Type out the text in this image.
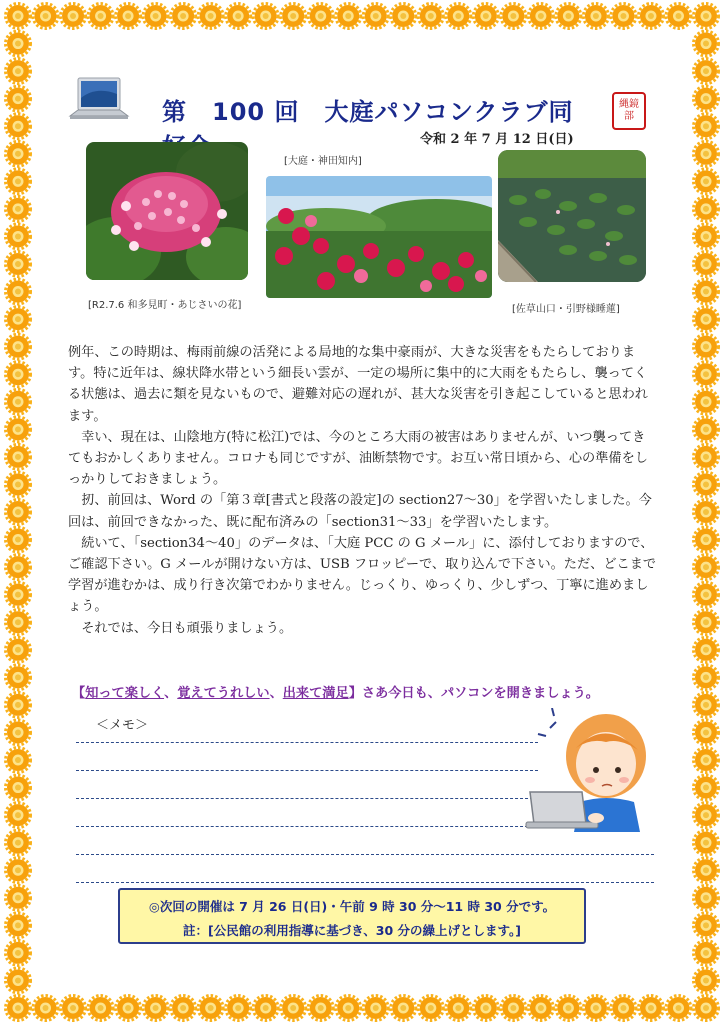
第　100 回　大庭パソコンクラブ同	縄鏡　部
令和 2 年 7 月 12 日(日)
[R2.7.6 和多見町・あじさいの花]
[大庭・神田知内]
[佐草山口・引野様睡蓮]

例年、この時期は、梅雨前線の活発による局地的な集中豪雨が、大きな災害をもたらしております。特に近年は、線状降水帯という細長い雲が、一定の場所に集中的に大雨をもたらし、襲ってくる状態は、過去に類を見ないもので、避難対応の遅れが、甚大な災害を引き起こしていると思われます。

幸い、現在は、山陰地方(特に松江)では、今のところ大雨の被害はありませんが、いつ襲ってきてもおかしくありません。コロナも同じですが、油断禁物です。お互い常日頃から、心の準備をしっかりしておきましょう。

扨、前回は、Word の「第３章[書式と段落の設定]の section27～30」を学習いたしました。今回は、前回できなかった、既に配布済みの「section31～33」を学習いたします。

続いて、「section34～40」のデータは、「大庭 PCC の G メール」に、添付しておりますので、ご確認下さい。G メールが開けない方は、USB フロッピーで、取り込んで下さい。ただ、どこまで学習が進むかは、成り行き次第でわかりません。じっくり、ゆっくり、少しずつ、丁寧に進めましょう。

それでは、今日も頑張りましょう。

【知って楽しく、覚えてうれしい、出来て満足】さあ今日も、パソコンを開きましょう。
＜メモ＞
◎次回の開催は 7 月 26 日(日)・午前 9 時 30 分～11 時 30 分です。
註：[公民館の利用指導に基づき、30 分の繰上げとします。]
